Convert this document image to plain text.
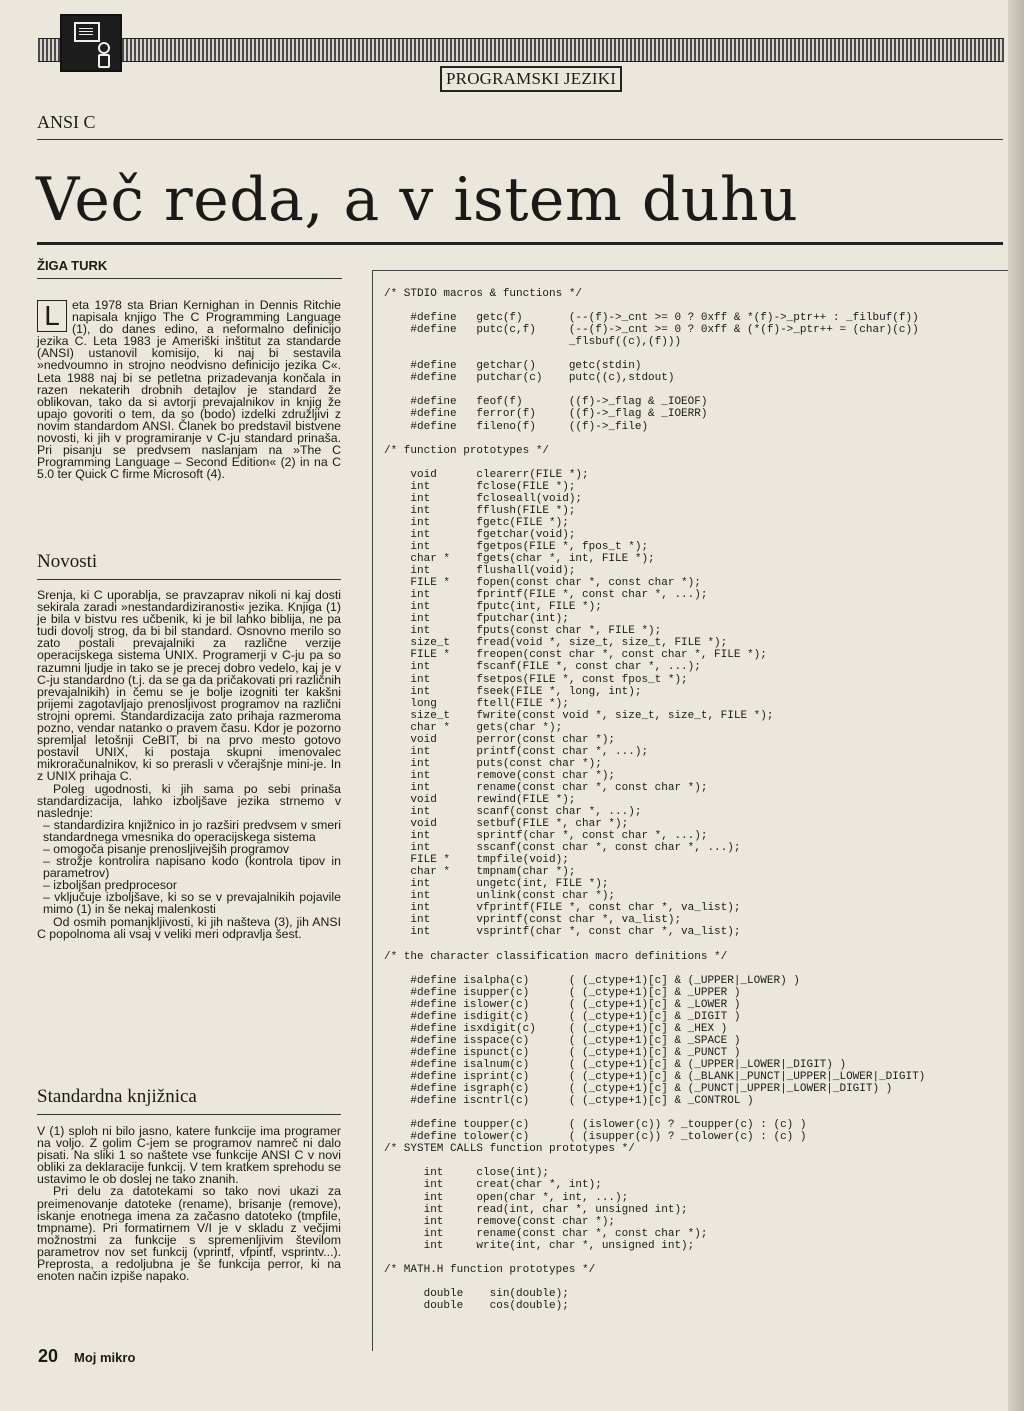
PROGRAMSKI JEZIKI
ANSI C
Več reda, a v istem duhu
ŽIGA TURK

L eta 1978 sta Brian Kernighan in Dennis Ritchie napisala knjigo The C Programming Language (1), do danes edino, a neformalno definicijo jezika C. Leta 1983 je Ameriški inštitut za standarde (ANSI) ustanovil komisijo, ki naj bi sestavila »nedvoumno in strojno neodvisno definicijo jezika C«. Leta 1988 naj bi se petletna prizadevanja končala in razen nekaterih drobnih detajlov je standard že oblikovan, tako da si avtorji prevajalnikov in knjig že upajo govoriti o tem, da so (bodo) izdelki združljivi z novim standardom ANSI. Članek bo predstavil bistvene novosti, ki jih v programiranje v C-ju standard prinaša. Pri pisanju se predvsem naslanjam na »The C Programming Language – Second Edition« (2) in na C 5.0 ter Quick C firme Microsoft (4).

Novosti

Srenja, ki C uporablja, se pravzaprav nikoli ni kaj dosti sekirala zaradi »nestandardiziranosti« jezika. Knjiga (1) je bila v bistvu res učbenik, ki je bil lahko biblija, ne pa tudi dovolj strog, da bi bil standard. Osnovno merilo so zato postali prevajalniki za različne verzije operacijskega sistema UNIX. Programerji v C-ju pa so razumni ljudje in tako se je precej dobro vedelo, kaj je v C-ju standardno (t.j. da se ga da pričakovati pri različnih prevajalnikih) in čemu se je bolje izogniti ter kakšni prijemi zagotavljajo prenosljivost programov na različni strojni opremi. Standardizacija zato prihaja razmeroma pozno, vendar natanko o pravem času. Kdor je pozorno spremljal letošnji CeBIT, bi na prvo mesto gotovo postavil UNIX, ki postaja skupni imenovalec mikroračunalnikov, ki so prerasli v včerajšnje mini-je. In z UNIX prihaja C.

Poleg ugodnosti, ki jih sama po sebi prinaša standardizacija, lahko izboljšave jezika strnemo v naslednje:

– standardizira knjižnico in jo razširi predvsem v smeri standardnega vmesnika do operacijskega sistema

– omogoča pisanje prenosljivejših programov

– strožje kontrolira napisano kodo (kontrola tipov in parametrov)

– izboljšan predprocesor

– vključuje izboljšave, ki so se v prevajalnikih pojavile mimo (1) in še nekaj malenkosti

Od osmih pomanjkljivosti, ki jih našteva (3), jih ANSI C popolnoma ali vsaj v veliki meri odpravlja šest.

Standardna knjižnica

V (1) sploh ni bilo jasno, katere funkcije ima programer na voljo. Z golim C-jem se programov namreč ni dalo pisati. Na sliki 1 so naštete vse funkcije ANSI C v novi obliki za deklaracije funkcij. V tem kratkem sprehodu se ustavimo le ob doslej ne tako znanih.

Pri delu za datotekami so tako novi ukazi za preimenovanje datoteke (rename), brisanje (remove), iskanje enotnega imena za začasno datoteko (tmpfile, tmpname). Pri formatirnem V/I je v skladu z večjimi možnostmi za funkcije s spremenljivim številom parametrov nov set funkcij (vprintf, vfpintf, vsprintv...). Preprosta, a redoljubna je še funkcija perror, ki na enoten način izpiše napako.

/* STDIO macros & functions */

#define   getc(f)       (--(f)->_cnt >= 0 ? 0xff & *(f)->_ptr++ : _filbuf(f))
#define   putc(c,f)     (--(f)->_cnt >= 0 ? 0xff & (*(f)->_ptr++ = (char)(c))
_flsbuf((c),(f)))

#define   getchar()     getc(stdin)
#define   putchar(c)    putc((c),stdout)

#define   feof(f)       ((f)->_flag & _IOEOF)
#define   ferror(f)     ((f)->_flag & _IOERR)
#define   fileno(f)     ((f)->_file)

/* function prototypes */

void      clearerr(FILE *);
int       fclose(FILE *);
int       fcloseall(void);
int       fflush(FILE *);
int       fgetc(FILE *);
int       fgetchar(void);
int       fgetpos(FILE *, fpos_t *);
char *    fgets(char *, int, FILE *);
int       flushall(void);
FILE *    fopen(const char *, const char *);
int       fprintf(FILE *, const char *, ...);
int       fputc(int, FILE *);
int       fputchar(int);
int       fputs(const char *, FILE *);
size_t    fread(void *, size_t, size_t, FILE *);
FILE *    freopen(const char *, const char *, FILE *);
int       fscanf(FILE *, const char *, ...);
int       fsetpos(FILE *, const fpos_t *);
int       fseek(FILE *, long, int);
long      ftell(FILE *);
size_t    fwrite(const void *, size_t, size_t, FILE *);
char *    gets(char *);
void      perror(const char *);
int       printf(const char *, ...);
int       puts(const char *);
int       remove(const char *);
int       rename(const char *, const char *);
void      rewind(FILE *);
int       scanf(const char *, ...);
void      setbuf(FILE *, char *);
int       sprintf(char *, const char *, ...);
int       sscanf(const char *, const char *, ...);
FILE *    tmpfile(void);
char *    tmpnam(char *);
int       ungetc(int, FILE *);
int       unlink(const char *);
int       vfprintf(FILE *, const char *, va_list);
int       vprintf(const char *, va_list);
int       vsprintf(char *, const char *, va_list);

/* the character classification macro definitions */

#define isalpha(c)      ( (_ctype+1)[c] & (_UPPER|_LOWER) )
#define isupper(c)      ( (_ctype+1)[c] & _UPPER )
#define islower(c)      ( (_ctype+1)[c] & _LOWER )
#define isdigit(c)      ( (_ctype+1)[c] & _DIGIT )
#define isxdigit(c)     ( (_ctype+1)[c] & _HEX )
#define isspace(c)      ( (_ctype+1)[c] & _SPACE )
#define ispunct(c)      ( (_ctype+1)[c] & _PUNCT )
#define isalnum(c)      ( (_ctype+1)[c] & (_UPPER|_LOWER|_DIGIT) )
#define isprint(c)      ( (_ctype+1)[c] & (_BLANK|_PUNCT|_UPPER|_LOWER|_DIGIT)
#define isgraph(c)      ( (_ctype+1)[c] & (_PUNCT|_UPPER|_LOWER|_DIGIT) )
#define iscntrl(c)      ( (_ctype+1)[c] & _CONTROL )

#define toupper(c)      ( (islower(c)) ? _toupper(c) : (c) )
#define tolower(c)      ( (isupper(c)) ? _tolower(c) : (c) )
/* SYSTEM CALLS function prototypes */

int     close(int);
int     creat(char *, int);
int     open(char *, int, ...);
int     read(int, char *, unsigned int);
int     remove(const char *);
int     rename(const char *, const char *);
int     write(int, char *, unsigned int);

/* MATH.H function prototypes */

double    sin(double);
double    cos(double);
20 Moj mikro
